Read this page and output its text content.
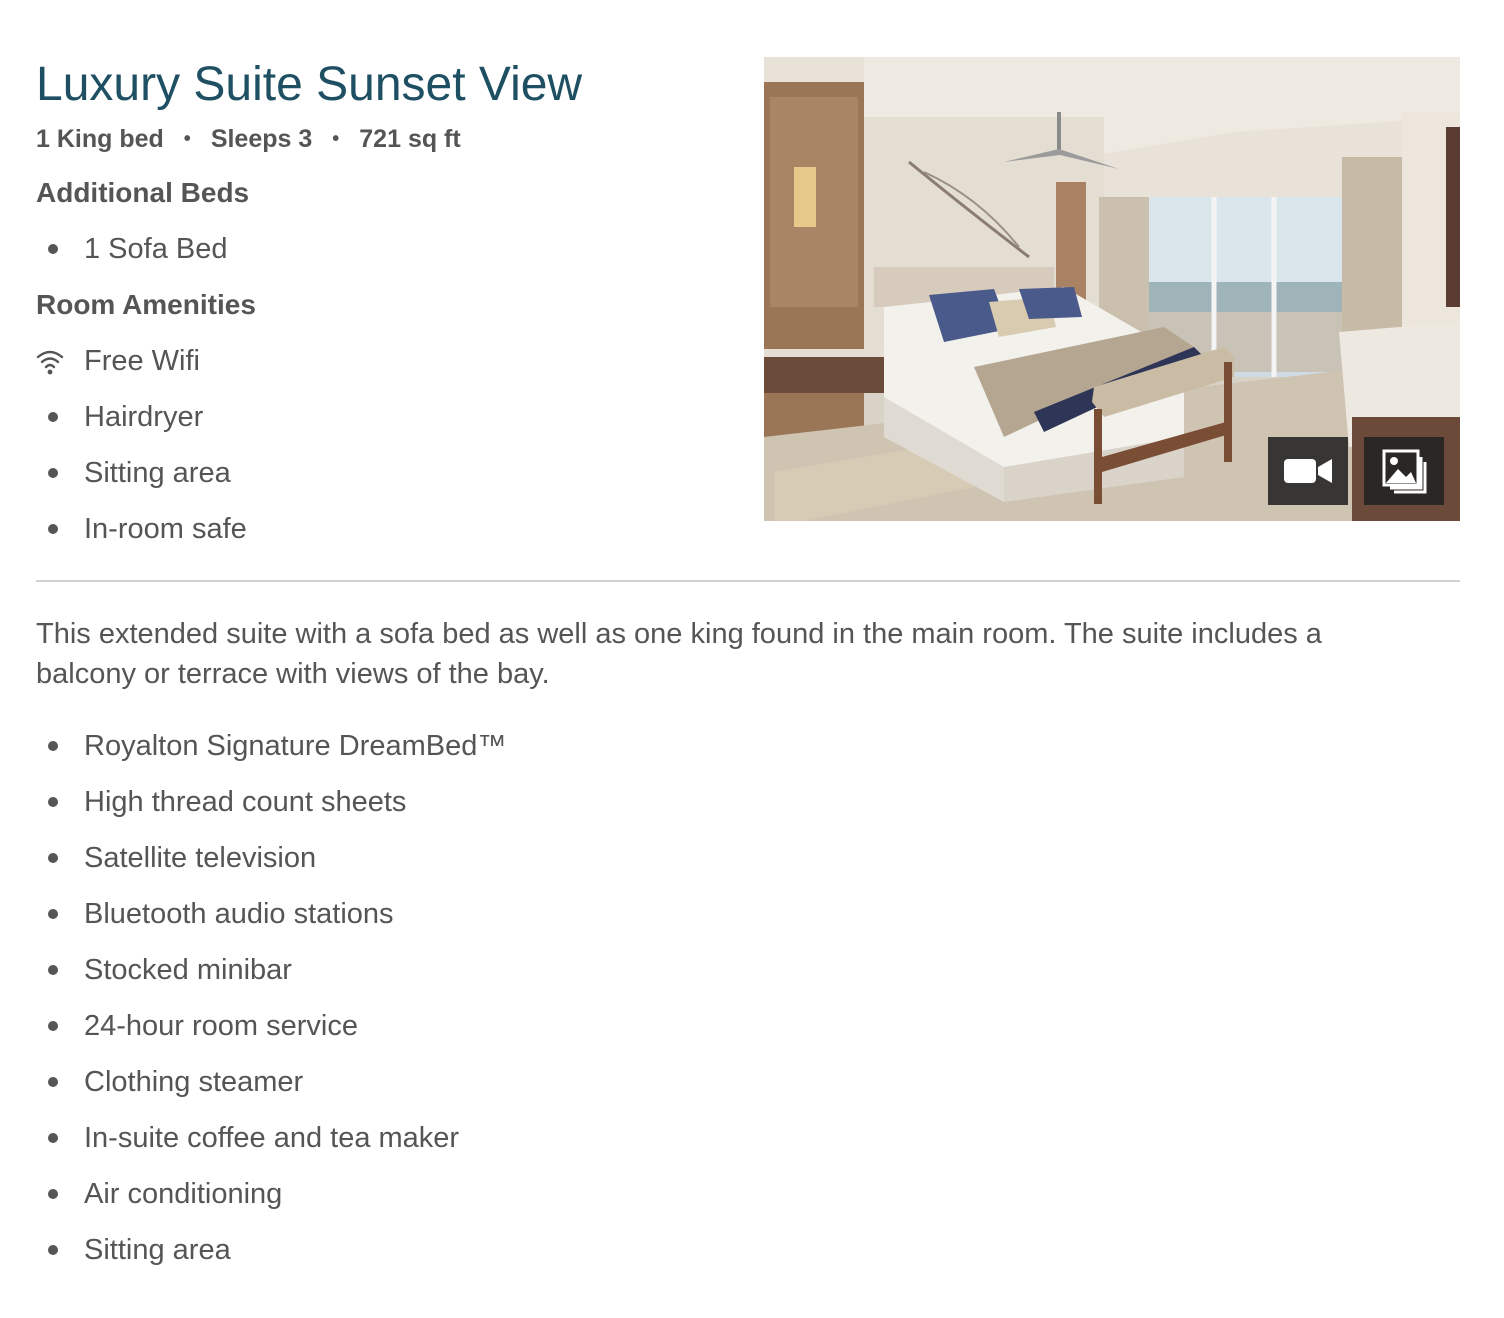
Luxury Suite Sunset View
1 King bed • Sleeps 3 • 721 sq ft
Additional Beds
1 Sofa Bed
Room Amenities
Free Wifi
Hairdryer
Sitting area
In-room safe

This extended suite with a sofa bed as well as one king found in the main room. The suite includes a balcony or terrace with views of the bay.

Royalton Signature DreamBed™
High thread count sheets
Satellite television
Bluetooth audio stations
Stocked minibar
24-hour room service
Clothing steamer
In-suite coffee and tea maker
Air conditioning
Sitting area
